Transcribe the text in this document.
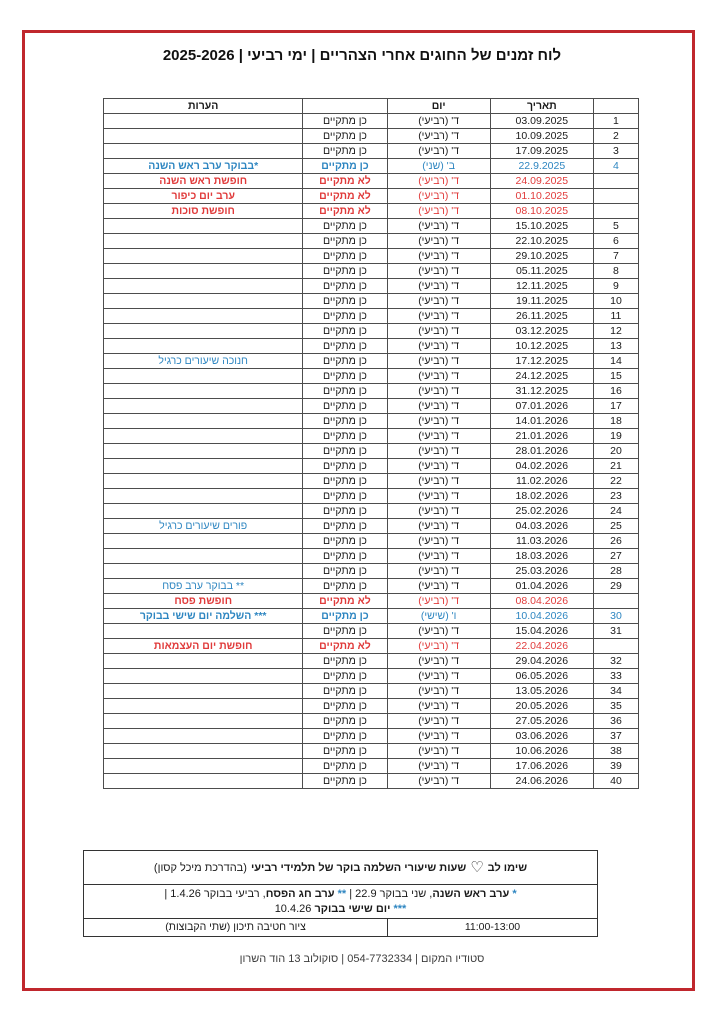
לוח זמנים של החוגים אחרי הצהריים | ימי רביעי | 2025-2026
	תאריך	יום		הערות
1	03.09.2025	ד' (רביעי)	כן מתקיים	
2	10.09.2025	ד' (רביעי)	כן מתקיים	
3	17.09.2025	ד' (רביעי)	כן מתקיים	
4	22.9.2025	ב' (שני)	כן מתקיים	*בבוקר ערב ראש השנה
	24.09.2025	ד' (רביעי)	לא מתקיים	חופשת ראש השנה
	01.10.2025	ד' (רביעי)	לא מתקיים	ערב יום כיפור
	08.10.2025	ד' (רביעי)	לא מתקיים	חופשת סוכות
5	15.10.2025	ד' (רביעי)	כן מתקיים	
6	22.10.2025	ד' (רביעי)	כן מתקיים	
7	29.10.2025	ד' (רביעי)	כן מתקיים	
8	05.11.2025	ד' (רביעי)	כן מתקיים	
9	12.11.2025	ד' (רביעי)	כן מתקיים	
10	19.11.2025	ד' (רביעי)	כן מתקיים	
11	26.11.2025	ד' (רביעי)	כן מתקיים	
12	03.12.2025	ד' (רביעי)	כן מתקיים	
13	10.12.2025	ד' (רביעי)	כן מתקיים	
14	17.12.2025	ד' (רביעי)	כן מתקיים	חנוכה שיעורים כרגיל
15	24.12.2025	ד' (רביעי)	כן מתקיים	
16	31.12.2025	ד' (רביעי)	כן מתקיים	
17	07.01.2026	ד' (רביעי)	כן מתקיים	
18	14.01.2026	ד' (רביעי)	כן מתקיים	
19	21.01.2026	ד' (רביעי)	כן מתקיים	
20	28.01.2026	ד' (רביעי)	כן מתקיים	
21	04.02.2026	ד' (רביעי)	כן מתקיים	
22	11.02.2026	ד' (רביעי)	כן מתקיים	
23	18.02.2026	ד' (רביעי)	כן מתקיים	
24	25.02.2026	ד' (רביעי)	כן מתקיים	
25	04.03.2026	ד' (רביעי)	כן מתקיים	פורים שיעורים כרגיל
26	11.03.2026	ד' (רביעי)	כן מתקיים	
27	18.03.2026	ד' (רביעי)	כן מתקיים	
28	25.03.2026	ד' (רביעי)	כן מתקיים	
29	01.04.2026	ד' (רביעי)	כן מתקיים	** בבוקר ערב פסח
	08.04.2026	ד' (רביעי)	לא מתקיים	חופשת פסח
30	10.04.2026	ו' (שישי)	כן מתקיים	*** השלמה יום שישי בבוקר
31	15.04.2026	ד' (רביעי)	כן מתקיים	
	22.04.2026	ד' (רביעי)	לא מתקיים	חופשת יום העצמאות
32	29.04.2026	ד' (רביעי)	כן מתקיים	
33	06.05.2026	ד' (רביעי)	כן מתקיים	
34	13.05.2026	ד' (רביעי)	כן מתקיים	
35	20.05.2026	ד' (רביעי)	כן מתקיים	
36	27.05.2026	ד' (רביעי)	כן מתקיים	
37	03.06.2026	ד' (רביעי)	כן מתקיים	
38	10.06.2026	ד' (רביעי)	כן מתקיים	
39	17.06.2026	ד' (רביעי)	כן מתקיים	
40	24.06.2026	ד' (רביעי)	כן מתקיים	
שימו לב
♡
שעות שיעורי השלמה בוקר של תלמידי רביעי
(בהדרכת מיכל קסון)
* ערב ראש השנה, שני בבוקר 22.9 | ** ערב חג הפסח, רביעי בבוקר 1.4.26 |
*** יום שישי בבוקר 10.4.26
11:00-13:00
ציור חטיבה תיכון (שתי הקבוצות)
סטודיו המקום | 054-7732334 | סוקולוב 13 הוד השרון
